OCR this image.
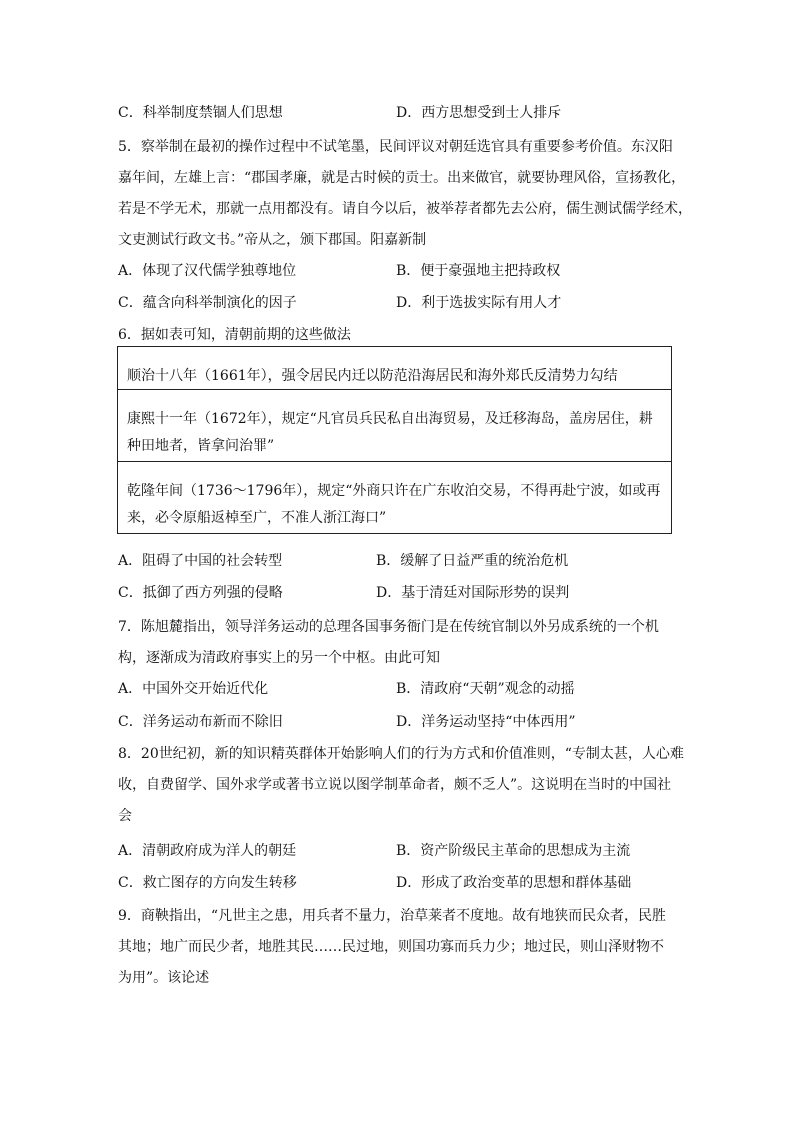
C．科举制度禁锢人们思想	D．西方思想受到士人排斥
5．察举制在最初的操作过程中不试笔墨，民间评议对朝廷选官具有重要参考价值。东汉阳
嘉年间，左雄上言：“郡国孝廉，就是古时候的贡士。出来做官，就要协理风俗，宣扬教化，
若是不学无术，那就一点用都没有。请自今以后，被举荐者都先去公府，儒生测试儒学经术，
文吏测试行政文书。”帝从之，颁下郡国。阳嘉新制
A．体现了汉代儒学独尊地位	B．便于豪强地主把持政权
C．蕴含向科举制演化的因子	D．利于选拔实际有用人才
6．据如表可知，清朝前期的这些做法
顺治十八年（1661年），强令居民内迁以防范沿海居民和海外郑氏反清势力勾结
康熙十一年（1672年），规定“凡官员兵民私自出海贸易，及迁移海岛，盖房居住，耕
种田地者，皆拿问治罪”
乾隆年间（1736～1796年），规定“外商只许在广东收泊交易，不得再赴宁波，如或再
来，必令原船返棹至广，不准人浙江海口”
A．阻碍了中国的社会转型	B．缓解了日益严重的统治危机
C．抵御了西方列强的侵略	D．基于清廷对国际形势的误判
7．陈旭麓指出，领导洋务运动的总理各国事务衙门是在传统官制以外另成系统的一个机
构，逐渐成为清政府事实上的另一个中枢。由此可知
A．中国外交开始近代化	B．清政府“天朝”观念的动摇
C．洋务运动布新而不除旧	D．洋务运动坚持“中体西用”
8．20世纪初，新的知识精英群体开始影响人们的行为方式和价值准则，“专制太甚，人心难
收，自费留学、国外求学或著书立说以图学制革命者，颇不乏人”。这说明在当时的中国社
会
A．清朝政府成为洋人的朝廷	B．资产阶级民主革命的思想成为主流
C．救亡图存的方向发生转移	D．形成了政治变革的思想和群体基础
9．商鞅指出，“凡世主之患，用兵者不量力，治草莱者不度地。故有地狭而民众者，民胜
其地；地广而民少者，地胜其民……民过地，则国功寡而兵力少；地过民，则山泽财物不
为用”。该论述
